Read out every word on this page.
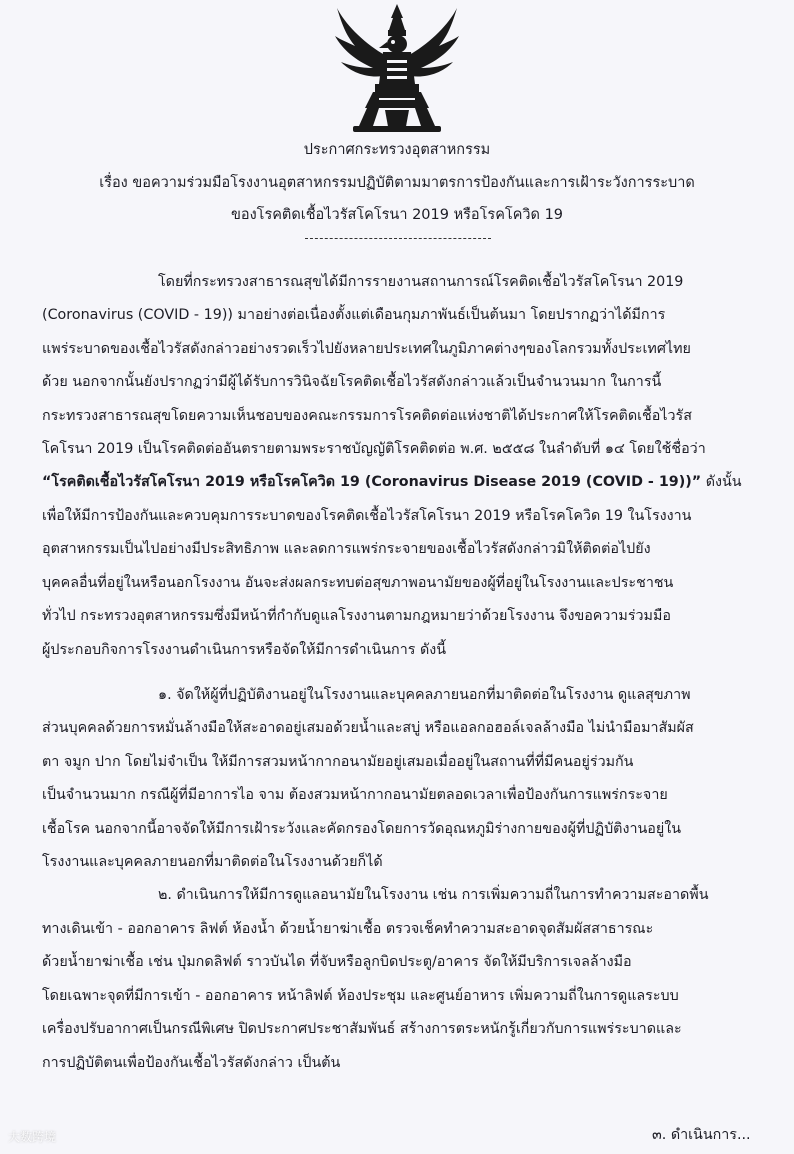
ประกาศกระทรวงอุตสาหกรรม
เรื่อง ขอความร่วมมือโรงงานอุตสาหกรรมปฏิบัติตามมาตรการป้องกันและการเฝ้าระวังการระบาด
ของโรคติดเชื้อไวรัสโคโรนา 2019 หรือโรคโควิด 19
โดยที่กระทรวงสาธารณสุขได้มีการรายงานสถานการณ์โรคติดเชื้อไวรัสโคโรนา 2019
(Coronavirus (COVID - 19)) มาอย่างต่อเนื่องตั้งแต่เดือนกุมภาพันธ์เป็นต้นมา โดยปรากฏว่าได้มีการ
แพร่ระบาดของเชื้อไวรัสดังกล่าวอย่างรวดเร็วไปยังหลายประเทศในภูมิภาคต่างๆของโลกรวมทั้งประเทศไทย
ด้วย นอกจากนั้นยังปรากฏว่ามีผู้ได้รับการวินิจฉัยโรคติดเชื้อไวรัสดังกล่าวแล้วเป็นจำนวนมาก ในการนี้
กระทรวงสาธารณสุขโดยความเห็นชอบของคณะกรรมการโรคติดต่อแห่งชาติได้ประกาศให้โรคติดเชื้อไวรัส
โคโรนา 2019 เป็นโรคติดต่ออันตรายตามพระราชบัญญัติโรคติดต่อ พ.ศ. ๒๕๕๘ ในลำดับที่ ๑๔ โดยใช้ชื่อว่า
“โรคติดเชื้อไวรัสโคโรนา 2019 หรือโรคโควิด 19 (Coronavirus Disease 2019 (COVID - 19))” ดังนั้น
เพื่อให้มีการป้องกันและควบคุมการระบาดของโรคติดเชื้อไวรัสโคโรนา 2019 หรือโรคโควิด 19 ในโรงงาน
อุตสาหกรรมเป็นไปอย่างมีประสิทธิภาพ และลดการแพร่กระจายของเชื้อไวรัสดังกล่าวมิให้ติดต่อไปยัง
บุคคลอื่นที่อยู่ในหรือนอกโรงงาน อันจะส่งผลกระทบต่อสุขภาพอนามัยของผู้ที่อยู่ในโรงงานและประชาชน
ทั่วไป กระทรวงอุตสาหกรรมซึ่งมีหน้าที่กำกับดูแลโรงงานตามกฎหมายว่าด้วยโรงงาน จึงขอความร่วมมือ
ผู้ประกอบกิจการโรงงานดำเนินการหรือจัดให้มีการดำเนินการ ดังนี้
๑. จัดให้ผู้ที่ปฏิบัติงานอยู่ในโรงงานและบุคคลภายนอกที่มาติดต่อในโรงงาน ดูแลสุขภาพ
ส่วนบุคคลด้วยการหมั่นล้างมือให้สะอาดอยู่เสมอด้วยน้ำและสบู่ หรือแอลกอฮอล์เจลล้างมือ ไม่นำมือมาสัมผัส
ตา จมูก ปาก โดยไม่จำเป็น ให้มีการสวมหน้ากากอนามัยอยู่เสมอเมื่ออยู่ในสถานที่ที่มีคนอยู่ร่วมกัน
เป็นจำนวนมาก กรณีผู้ที่มีอาการไอ จาม ต้องสวมหน้ากากอนามัยตลอดเวลาเพื่อป้องกันการแพร่กระจาย
เชื้อโรค นอกจากนี้อาจจัดให้มีการเฝ้าระวังและคัดกรองโดยการวัดอุณหภูมิร่างกายของผู้ที่ปฏิบัติงานอยู่ใน
โรงงานและบุคคลภายนอกที่มาติดต่อในโรงงานด้วยก็ได้
๒. ดำเนินการให้มีการดูแลอนามัยในโรงงาน เช่น การเพิ่มความถี่ในการทำความสะอาดพื้น
ทางเดินเข้า - ออกอาคาร ลิฟต์ ห้องน้ำ ด้วยน้ำยาฆ่าเชื้อ ตรวจเช็คทำความสะอาดจุดสัมผัสสาธารณะ
ด้วยน้ำยาฆ่าเชื้อ เช่น ปุ่มกดลิฟต์ ราวบันได ที่จับหรือลูกบิดประตู/อาคาร จัดให้มีบริการเจลล้างมือ
โดยเฉพาะจุดที่มีการเข้า - ออกอาคาร หน้าลิฟต์ ห้องประชุม และศูนย์อาหาร เพิ่มความถี่ในการดูแลระบบ
เครื่องปรับอากาศเป็นกรณีพิเศษ ปิดประกาศประชาสัมพันธ์ สร้างการตระหนักรู้เกี่ยวกับการแพร่ระบาดและ
การปฏิบัติตนเพื่อป้องกันเชื้อไวรัสดังกล่าว เป็นต้น
๓. ดำเนินการ...
大数跨境
